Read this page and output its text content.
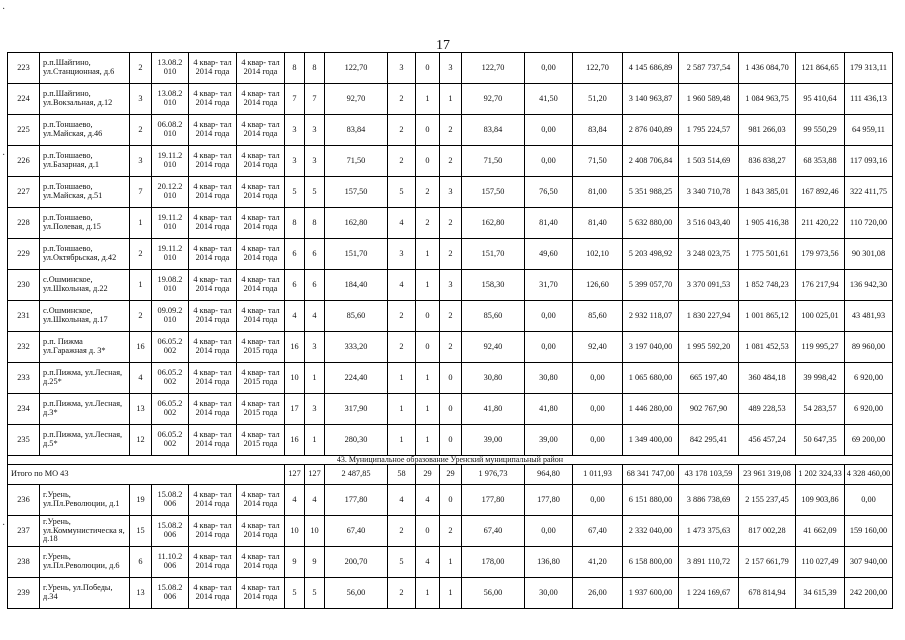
17
·
·
·
223	р.п.Шайгино, ул.Станционная, д.6	2	13.08.2 010	4 квар- тал 2014 года	4 квар- тал 2014 года	8	8	122,70	3	0	3	122,70	0,00	122,70	4 145 686,89	2 587 737,54	1 436 084,70	121 864,65	179 313,11
224	р.п.Шайгино, ул.Вокзальная, д.12	3	13.08.2 010	4 квар- тал 2014 года	4 квар- тал 2014 года	7	7	92,70	2	1	1	92,70	41,50	51,20	3 140 963,87	1 960 589,48	1 084 963,75	95 410,64	111 436,13
225	р.п.Тоншаево, ул.Майская, д.46	2	06.08.2 010	4 квар- тал 2014 года	4 квар- тал 2014 года	3	3	83,84	2	0	2	83,84	0,00	83,84	2 876 040,89	1 795 224,57	981 266,03	99 550,29	64 959,11
226	р.п.Тоншаево, ул.Базарная, д.1	3	19.11.2 010	4 квар- тал 2014 года	4 квар- тал 2014 года	3	3	71,50	2	0	2	71,50	0,00	71,50	2 408 706,84	1 503 514,69	836 838,27	68 353,88	117 093,16
227	р.п.Тоншаево, ул.Майская, д.51	7	20.12.2 010	4 квар- тал 2014 года	4 квар- тал 2014 года	5	5	157,50	5	2	3	157,50	76,50	81,00	5 351 988,25	3 340 710,78	1 843 385,01	167 892,46	322 411,75
228	р.п.Тоншаево, ул.Полевая, д.15	1	19.11.2 010	4 квар- тал 2014 года	4 квар- тал 2014 года	8	8	162,80	4	2	2	162,80	81,40	81,40	5 632 880,00	3 516 043,40	1 905 416,38	211 420,22	110 720,00
229	р.п.Тоншаево, ул.Октябрьская, д.42	2	19.11.2 010	4 квар- тал 2014 года	4 квар- тал 2014 года	6	6	151,70	3	1	2	151,70	49,60	102,10	5 203 498,92	3 248 023,75	1 775 501,61	179 973,56	90 301,08
230	с.Ошминское, ул.Школьная, д.22	1	19.08.2 010	4 квар- тал 2014 года	4 квар- тал 2014 года	6	6	184,40	4	1	3	158,30	31,70	126,60	5 399 057,70	3 370 091,53	1 852 748,23	176 217,94	136 942,30
231	с.Ошминское, ул.Школьная, д.17	2	09.09.2 010	4 квар- тал 2014 года	4 квар- тал 2014 года	4	4	85,60	2	0	2	85,60	0,00	85,60	2 932 118,07	1 830 227,94	1 001 865,12	100 025,01	43 481,93
232	р.п. Пижма ул.Гаражная д. 3*	16	06.05.2 002	4 квар- тал 2014 года	4 квар- тал 2015 года	16	3	333,20	2	0	2	92,40	0,00	92,40	3 197 040,00	1 995 592,20	1 081 452,53	119 995,27	89 960,00
233	р.п.Пижма, ул.Лесная, д.25*	4	06.05.2 002	4 квар- тал 2014 года	4 квар- тал 2015 года	10	1	224,40	1	1	0	30,80	30,80	0,00	1 065 680,00	665 197,40	360 484,18	39 998,42	6 920,00
234	р.п.Пижма, ул.Лесная, д.3*	13	06.05.2 002	4 квар- тал 2014 года	4 квар- тал 2015 года	17	3	317,90	1	1	0	41,80	41,80	0,00	1 446 280,00	902 767,90	489 228,53	54 283,57	6 920,00
235	р.п.Пижма, ул.Лесная, д.5*	12	06.05.2 002	4 квар- тал 2014 года	4 квар- тал 2015 года	16	1	280,30	1	1	0	39,00	39,00	0,00	1 349 400,00	842 295,41	456 457,24	50 647,35	69 200,00
43. Муниципальное образование Уренский муниципальный район																			
Итого по МО 43						127	127	2 487,85	58	29	29	1 976,73	964,80	1 011,93	68 341 747,00	43 178 103,59	23 961 319,08	1 202 324,33	4 328 460,00
236	г.Урень, ул.Пл.Революции, д.1	19	15.08.2 006	4 квар- тал 2014 года	4 квар- тал 2014 года	4	4	177,80	4	4	0	177,80	177,80	0,00	6 151 880,00	3 886 738,69	2 155 237,45	109 903,86	0,00
237	г.Урень, ул.Коммунистическа я, д.18	15	15.08.2 006	4 квар- тал 2014 года	4 квар- тал 2014 года	10	10	67,40	2	0	2	67,40	0,00	67,40	2 332 040,00	1 473 375,63	817 002,28	41 662,09	159 160,00
238	г.Урень, ул.Пл.Революции, д.6	6	11.10.2 006	4 квар- тал 2014 года	4 квар- тал 2014 года	9	9	200,70	5	4	1	178,00	136,80	41,20	6 158 800,00	3 891 110,72	2 157 661,79	110 027,49	307 940,00
239	г.Урень, ул.Победы, д.34	13	15.08.2 006	4 квар- тал 2014 года	4 квар- тал 2014 года	5	5	56,00	2	1	1	56,00	30,00	26,00	1 937 600,00	1 224 169,67	678 814,94	34 615,39	242 200,00
